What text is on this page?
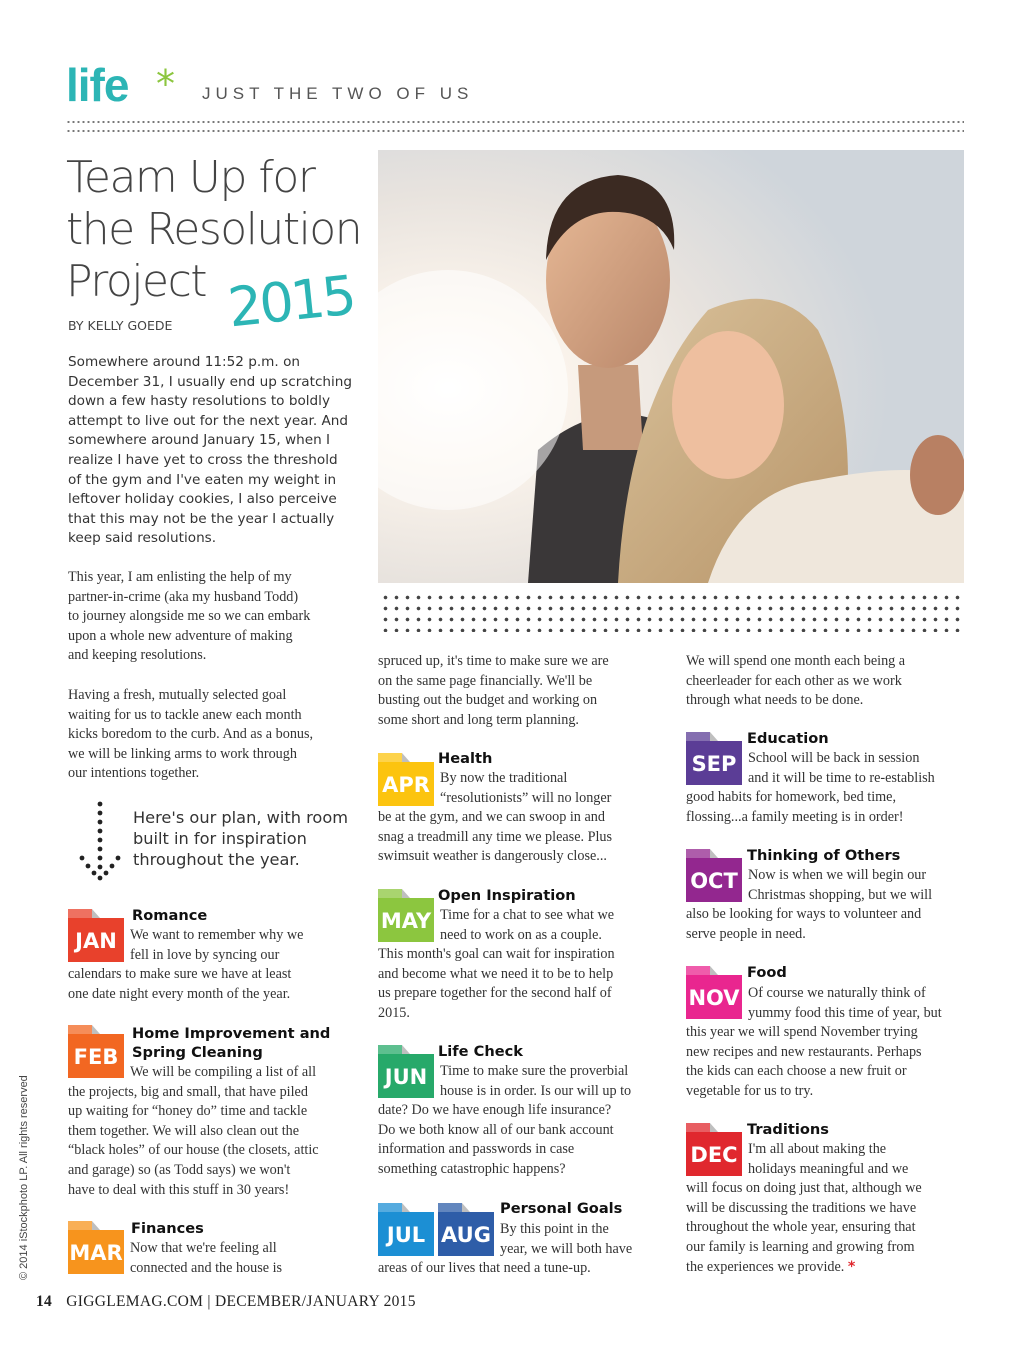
life * JUST THE TWO OF US
Team Up for
the Resolution
Project 2015
BY KELLY GOEDE
Somewhere around 11:52 p.m. on
December 31, I usually end up scratching
down a few hasty resolutions to boldly
attempt to live out for the next year. And
somewhere around January 15, when I
realize I have yet to cross the threshold
of the gym and I've eaten my weight in
leftover holiday cookies, I also perceive
that this may not be the year I actually
keep said resolutions.
This year, I am enlisting the help of my
partner-in-crime (aka my husband Todd)
to journey alongside me so we can embark
upon a whole new adventure of making
and keeping resolutions.
Having a fresh, mutually selected goal
waiting for us to tackle anew each month
kicks boredom to the curb. And as a bonus,
we will be linking arms to work through
our intentions together.
Here's our plan, with room
built in for inspiration
throughout the year.
JAN
Romance
We want to remember why we
fell in love by syncing our
calendars to make sure we have at least
one date night every month of the year.
FEB
Home Improvement and
Spring Cleaning
We will be compiling a list of all
the projects, big and small, that have piled
up waiting for “honey do” time and tackle
them together. We will also clean out the
“black holes” of our house (the closets, attic
and garage) so (as Todd says) we won't
have to deal with this stuff in 30 years!
MAR
Finances
Now that we're feeling all
connected and the house is
spruced up, it's time to make sure we are
on the same page financially. We'll be
busting out the budget and working on
some short and long term planning.
APR
Health
By now the traditional
“resolutionists” will no longer
be at the gym, and we can swoop in and
snag a treadmill any time we please. Plus
swimsuit weather is dangerously close...
MAY
Open Inspiration
Time for a chat to see what we
need to work on as a couple.
This month's goal can wait for inspiration
and become what we need it to be to help
us prepare together for the second half of
2015.
JUN
Life Check
Time to make sure the proverbial
house is in order. Is our will up to
date? Do we have enough life insurance?
Do we both know all of our bank account
information and passwords in case
something catastrophic happens?
JUL AUG
Personal Goals
By this point in the
year, we will both have
areas of our lives that need a tune-up.
We will spend one month each being a
cheerleader for each other as we work
through what needs to be done.
SEP
Education
School will be back in session
and it will be time to re-establish
good habits for homework, bed time,
flossing...a family meeting is in order!
OCT
Thinking of Others
Now is when we will begin our
Christmas shopping, but we will
also be looking for ways to volunteer and
serve people in need.
NOV
Food
Of course we naturally think of
yummy food this time of year, but
this year we will spend November trying
new recipes and new restaurants. Perhaps
the kids can each choose a new fruit or
vegetable for us to try.
DEC
Traditions
I'm all about making the
holidays meaningful and we
will focus on doing just that, although we
will be discussing the traditions we have
throughout the whole year, ensuring that
our family is learning and growing from
the experiences we provide. *
14 GIGGLEMAG.COM | DECEMBER/JANUARY 2015
© 2014 iStockphoto LP. All rights reserved
